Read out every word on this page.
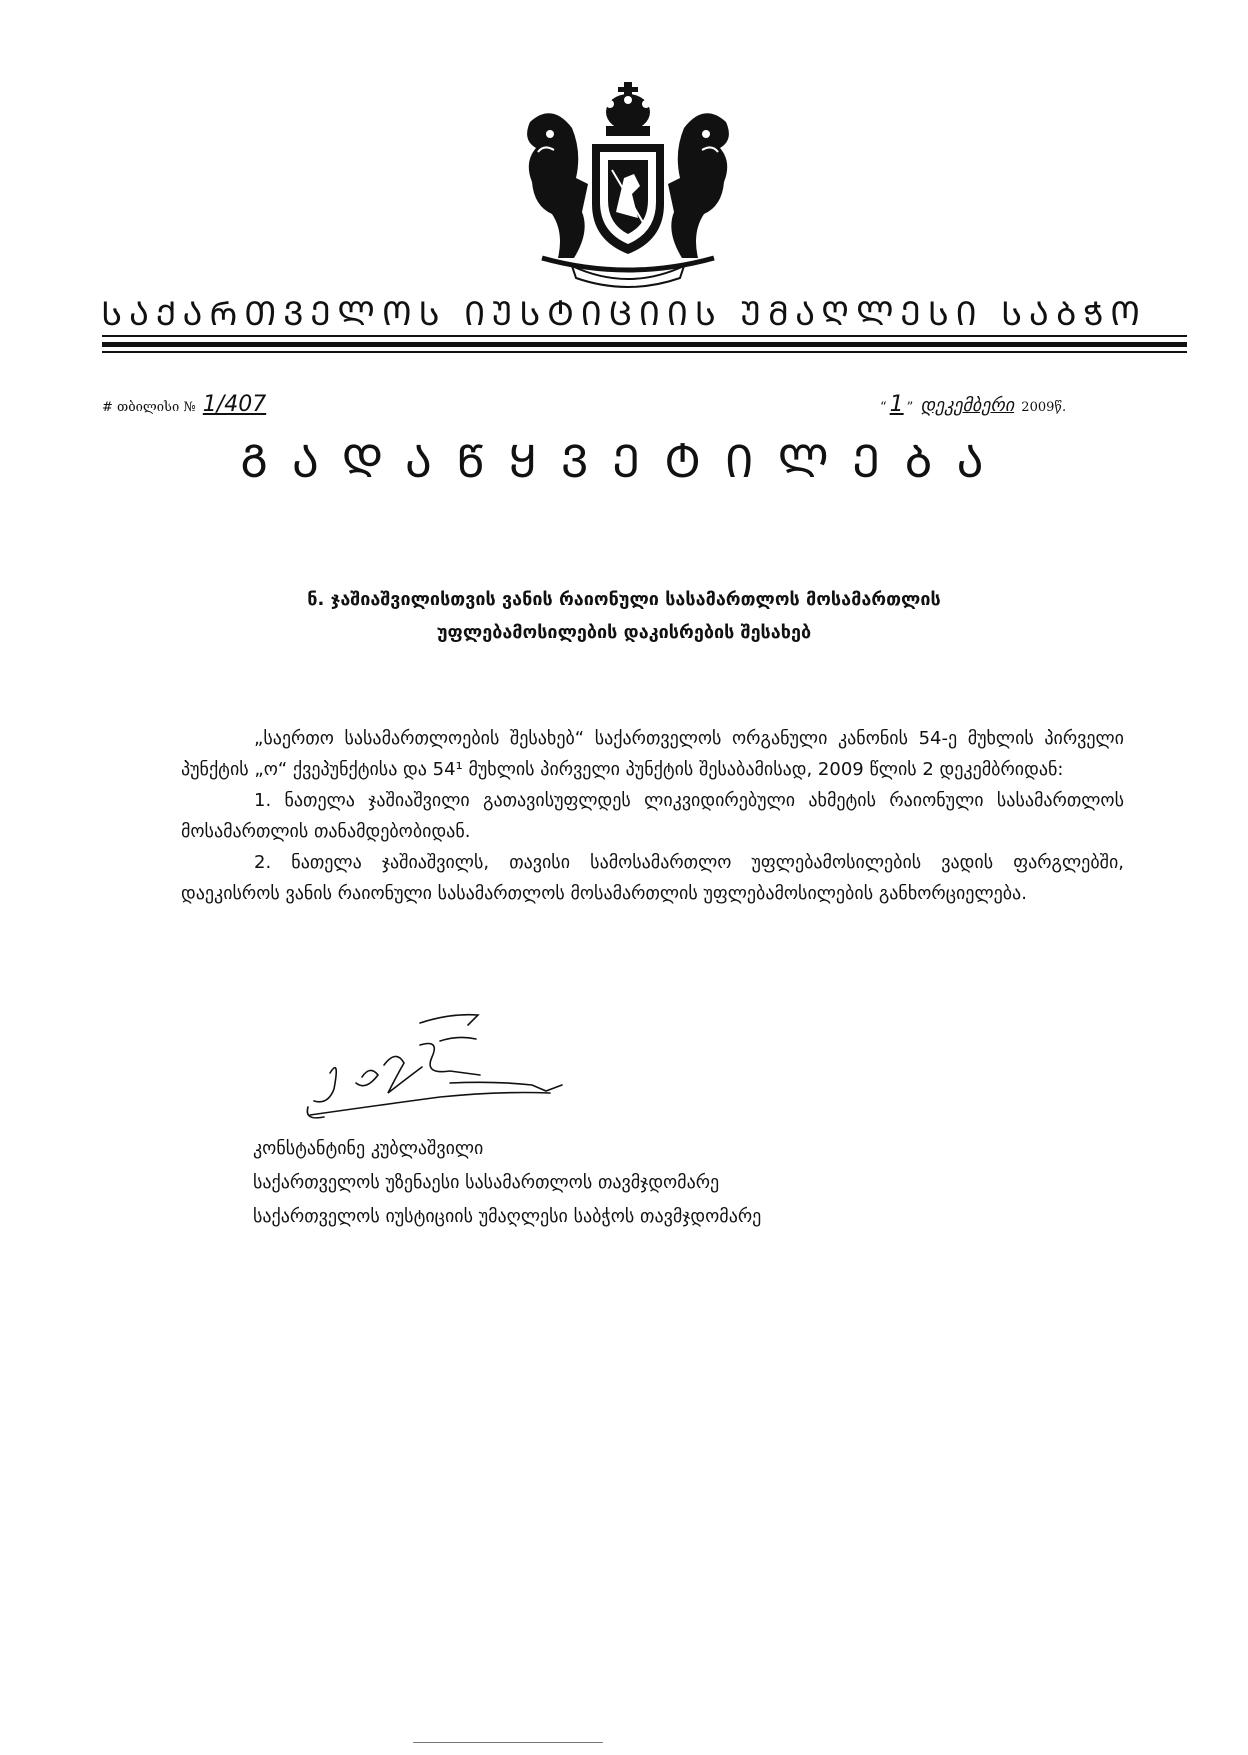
ᲡᲐᲥᲐᲠᲗᲕᲔᲚᲝᲡ ᲘᲣᲡᲢᲘᲪᲘᲘᲡ ᲣᲛᲐᲦᲚᲔᲡᲘ ᲡᲐᲑᲭᲝ
# თბილისი № 1/407	“ 1 ” დეკემბერი 2009წ.
ᲒᲐᲓᲐᲬᲧᲕᲔᲢᲘᲚᲔᲑᲐ
ნ. ჯაშიაშვილისთვის ვანის რაიონული სასამართლოს მოსამართლის
უფლებამოსილების დაკისრების შესახებ

„საერთო სასამართლოების შესახებ“ საქართველოს ორგანული კანონის 54-ე მუხლის პირველი პუნქტის „ო“ ქვეპუნქტისა და 54¹ მუხლის პირველი პუნქტის შესაბამისად, 2009 წლის 2 დეკემბრიდან:

1. ნათელა ჯაშიაშვილი გათავისუფლდეს ლიკვიდირებული ახმეტის რაიონული სასამართლოს მოსამართლის თანამდებობიდან.

2. ნათელა ჯაშიაშვილს, თავისი სამოსამართლო უფლებამოსილების ვადის ფარგლებში, დაეკისროს ვანის რაიონული სასამართლოს მოსამართლის უფლებამოსილების განხორციელება.

კონსტანტინე კუბლაშვილი
საქართველოს უზენაესი სასამართლოს თავმჯდომარე
საქართველოს იუსტიციის უმაღლესი საბჭოს თავმჯდომარე
